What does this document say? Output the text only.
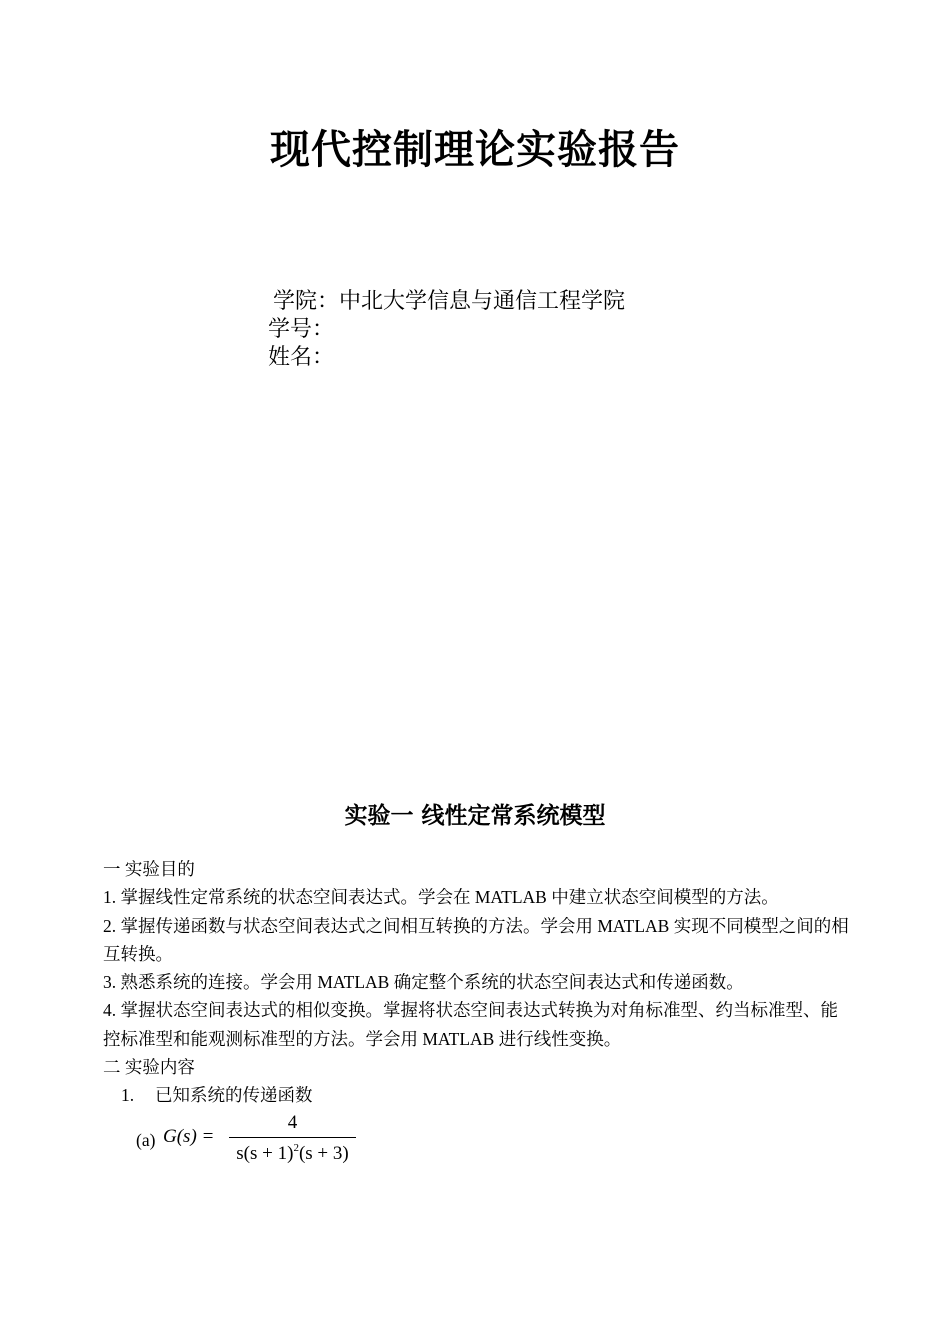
现代控制理论实验报告
学院：中北大学信息与通信工程学院
学号：
姓名：
实验一 线性定常系统模型

一 实验目的

1. 掌握线性定常系统的状态空间表达式。学会在 MATLAB 中建立状态空间模型的方法。

2. 掌握传递函数与状态空间表达式之间相互转换的方法。学会用 MATLAB 实现不同模型之间的相互转换。

3. 熟悉系统的连接。学会用 MATLAB 确定整个系统的状态空间表达式和传递函数。

4. 掌握状态空间表达式的相似变换。掌握将状态空间表达式转换为对角标准型、约当标准型、能控标准型和能观测标准型的方法。学会用 MATLAB 进行线性变换。

二 实验内容

1. 已知系统的传递函数

(a) G(s) =
4
$s(s + 1)^2(s + 3)$
